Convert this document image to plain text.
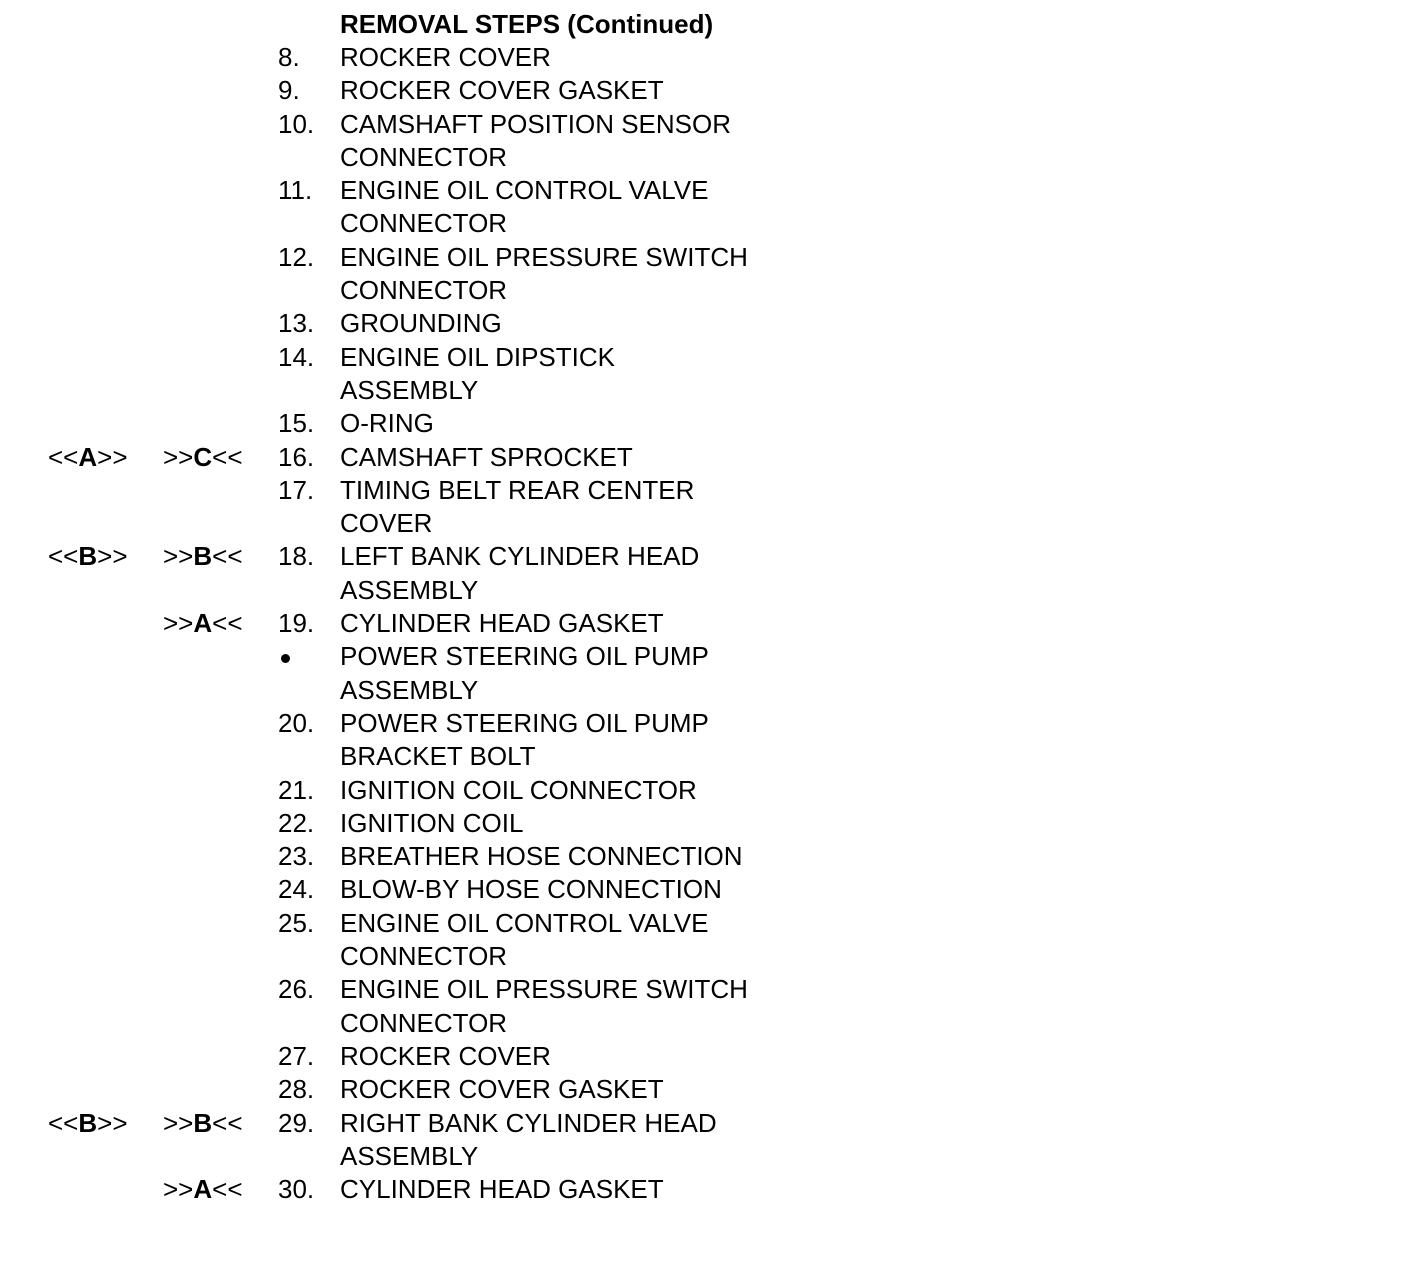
REMOVAL STEPS (Continued)
8. ROCKER COVER
9. ROCKER COVER GASKET
10. CAMSHAFT POSITION SENSOR
CONNECTOR
11. ENGINE OIL CONTROL VALVE
CONNECTOR
12. ENGINE OIL PRESSURE SWITCH
CONNECTOR
13. GROUNDING
14. ENGINE OIL DIPSTICK
ASSEMBLY
15. O-RING
<<A>> >>C<< 16. CAMSHAFT SPROCKET
17. TIMING BELT REAR CENTER
COVER
<<B>> >>B<< 18. LEFT BANK CYLINDER HEAD
ASSEMBLY
>>A<< 19. CYLINDER HEAD GASKET
POWER STEERING OIL PUMP
ASSEMBLY
20. POWER STEERING OIL PUMP
BRACKET BOLT
21. IGNITION COIL CONNECTOR
22. IGNITION COIL
23. BREATHER HOSE CONNECTION
24. BLOW-BY HOSE CONNECTION
25. ENGINE OIL CONTROL VALVE
CONNECTOR
26. ENGINE OIL PRESSURE SWITCH
CONNECTOR
27. ROCKER COVER
28. ROCKER COVER GASKET
<<B>> >>B<< 29. RIGHT BANK CYLINDER HEAD
ASSEMBLY
>>A<< 30. CYLINDER HEAD GASKET
